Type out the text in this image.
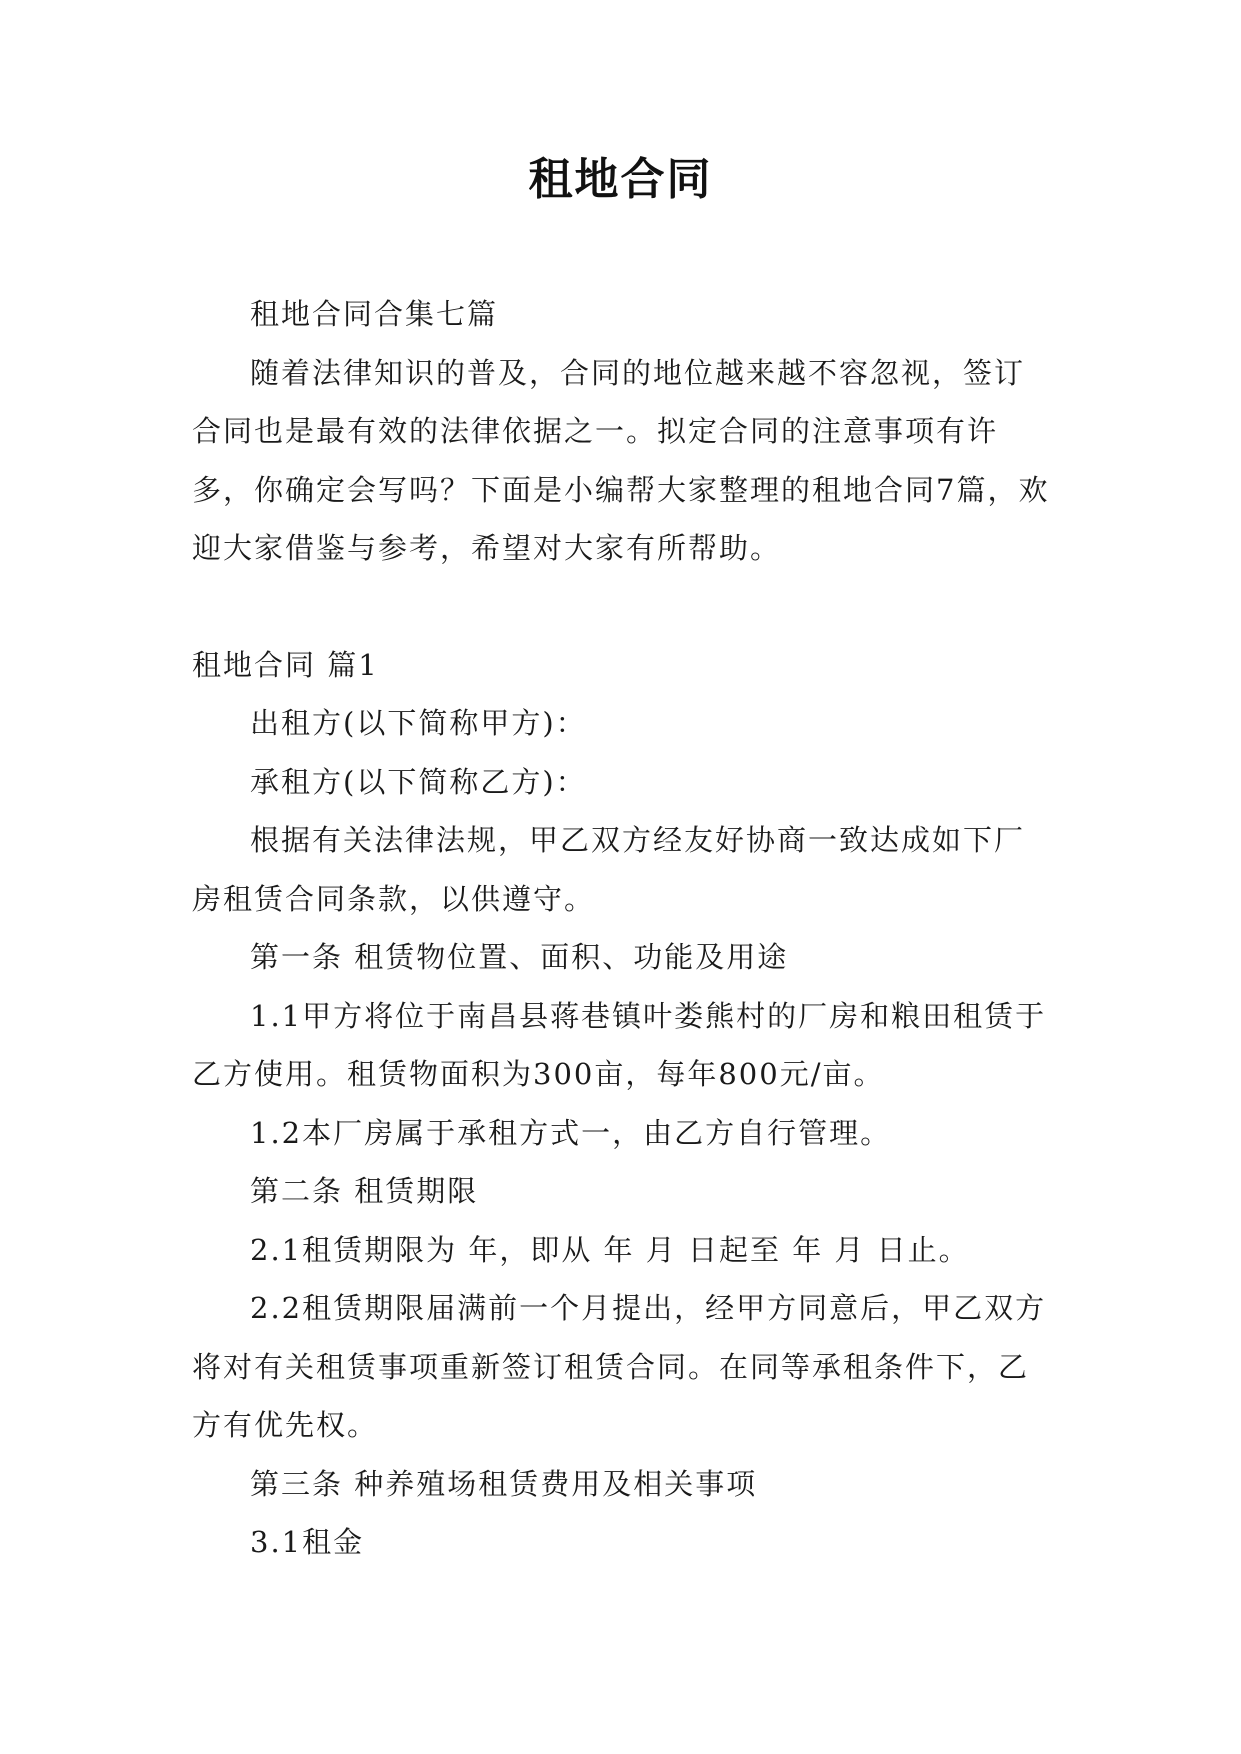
租地合同

租地合同合集七篇

随着法律知识的普及，合同的地位越来越不容忽视，签订合同也是最有效的法律依据之一。拟定合同的注意事项有许多，你确定会写吗？下面是小编帮大家整理的租地合同7篇，欢迎大家借鉴与参考，希望对大家有所帮助。

租地合同 篇1

出租方(以下简称甲方)：

承租方(以下简称乙方)：

根据有关法律法规，甲乙双方经友好协商一致达成如下厂房租赁合同条款，以供遵守。

第一条 租赁物位置、面积、功能及用途

1.1甲方将位于南昌县蒋巷镇叶娄熊村的厂房和粮田租赁于乙方使用。租赁物面积为300亩，每年800元/亩。

1.2本厂房属于承租方式一，由乙方自行管理。

第二条 租赁期限

2.1租赁期限为 年，即从 年 月 日起至 年 月 日止。

2.2租赁期限届满前一个月提出，经甲方同意后，甲乙双方将对有关租赁事项重新签订租赁合同。在同等承租条件下，乙方有优先权。

第三条 种养殖场租赁费用及相关事项

3.1租金
